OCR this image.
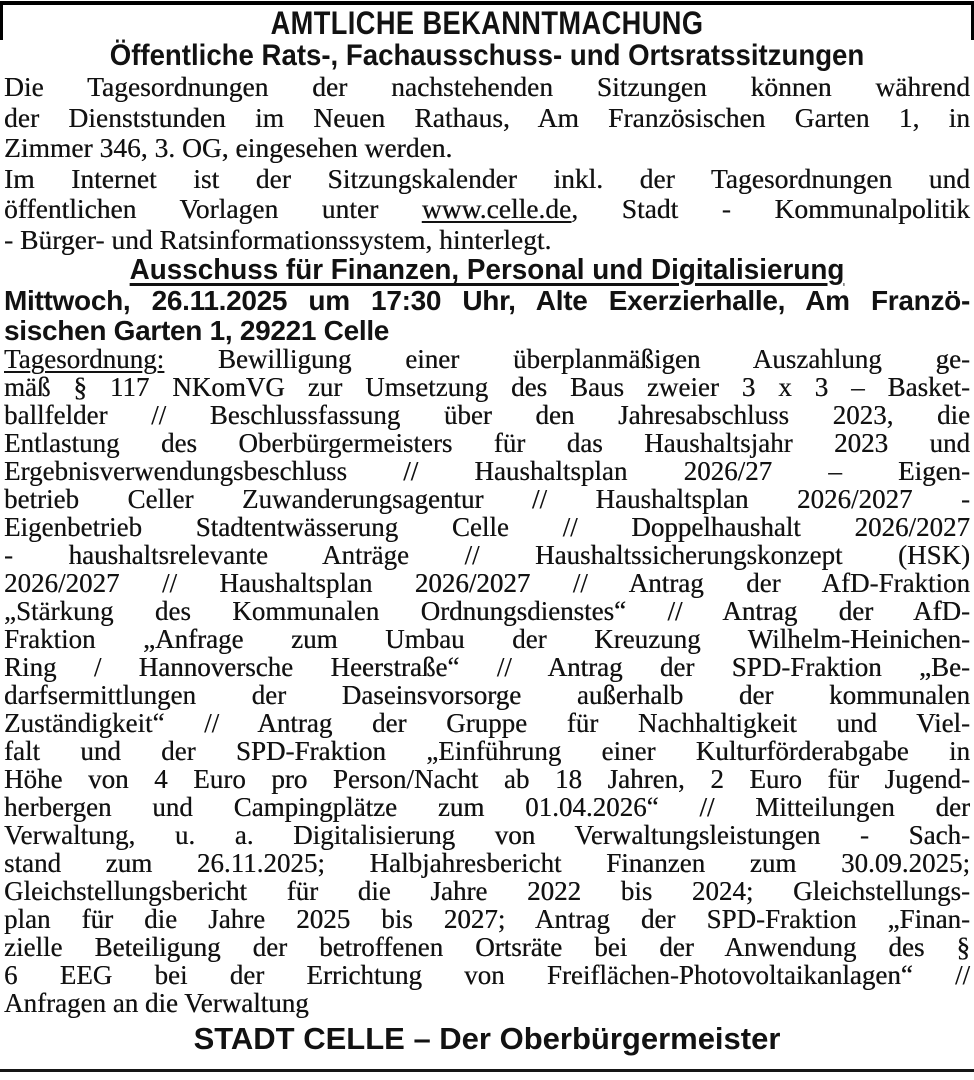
AMTLICHE BEKANNTMACHUNG
Öffentliche Rats-, Fachausschuss- und Ortsratssitzungen
Die Tagesordnungen der nachstehenden Sitzungen können während
der Dienststunden im Neuen Rathaus, Am Französischen Garten 1, in
Zimmer 346, 3. OG, eingesehen werden.
Im Internet ist der Sitzungskalender inkl. der Tagesordnungen und
öffentlichen Vorlagen unter www.celle.de, Stadt - Kommunalpolitik
- Bürger- und Ratsinformationssystem, hinterlegt.
Ausschuss für Finanzen, Personal und Digitalisierung
Mittwoch, 26.11.2025 um 17:30 Uhr, Alte Exerzierhalle, Am Franzö-
sischen Garten 1, 29221 Celle
Tagesordnung: Bewilligung einer überplanmäßigen Auszahlung ge-
mäß § 117 NKomVG zur Umsetzung des Baus zweier 3 x 3 – Basket-
ballfelder // Beschlussfassung über den Jahresabschluss 2023, die
Entlastung des Oberbürgermeisters für das Haushaltsjahr 2023 und
Ergebnisverwendungsbeschluss // Haushaltsplan 2026/27 – Eigen-
betrieb Celler Zuwanderungsagentur // Haushaltsplan 2026/2027 -
Eigenbetrieb Stadtentwässerung Celle // Doppelhaushalt 2026/2027
- haushaltsrelevante Anträge // Haushaltssicherungskonzept (HSK)
2026/2027 // Haushaltsplan 2026/2027 // Antrag der AfD-Fraktion
„Stärkung des Kommunalen Ordnungsdienstes“ // Antrag der AfD-
Fraktion „Anfrage zum Umbau der Kreuzung Wilhelm-Heinichen-
Ring / Hannoversche Heerstraße“ // Antrag der SPD-Fraktion „Be-
darfsermittlungen der Daseinsvorsorge außerhalb der kommunalen
Zuständigkeit“ // Antrag der Gruppe für Nachhaltigkeit und Viel-
falt und der SPD-Fraktion „Einführung einer Kulturförderabgabe in
Höhe von 4 Euro pro Person/Nacht ab 18 Jahren, 2 Euro für Jugend-
herbergen und Campingplätze zum 01.04.2026“ // Mitteilungen der
Verwaltung, u. a. Digitalisierung von Verwaltungsleistungen - Sach-
stand zum 26.11.2025; Halbjahresbericht Finanzen zum 30.09.2025;
Gleichstellungsbericht für die Jahre 2022 bis 2024; Gleichstellungs-
plan für die Jahre 2025 bis 2027; Antrag der SPD-Fraktion „Finan-
zielle Beteiligung der betroffenen Ortsräte bei der Anwendung des §
6 EEG bei der Errichtung von Freiflächen-Photovoltaikanlagen“ //
Anfragen an die Verwaltung
STADT CELLE – Der Oberbürgermeister
